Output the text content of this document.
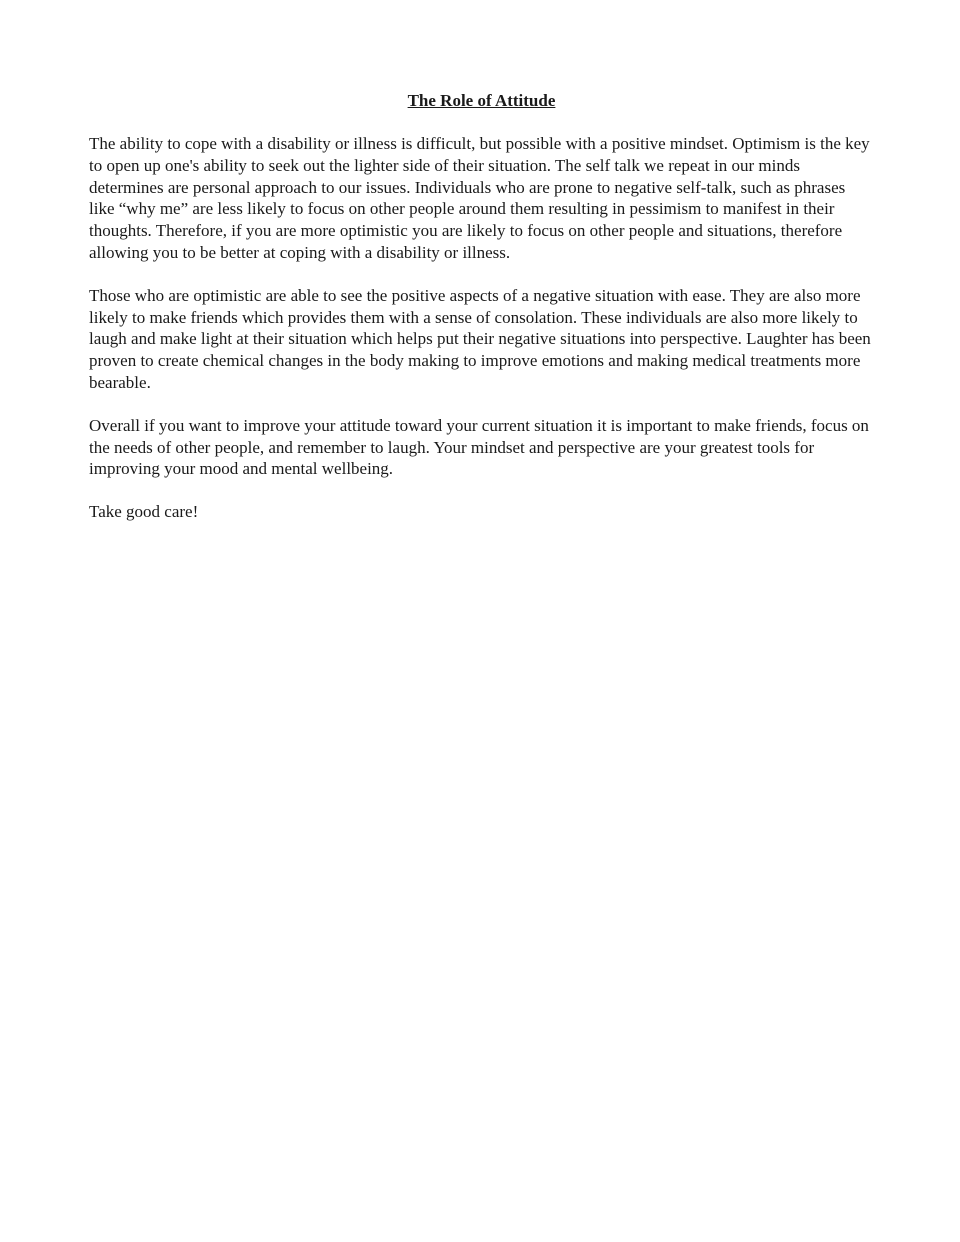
The Role of Attitude

The ability to cope with a disability or illness is difficult, but possible with a positive mindset. Optimism is the key to open up one's ability to seek out the lighter side of their situation. The self talk we repeat in our minds determines are personal approach to our issues. Individuals who are prone to negative self-talk, such as phrases like “why me” are less likely to focus on other people around them resulting in pessimism to manifest in their thoughts. Therefore, if you are more optimistic you are likely to focus on other people and situations, therefore allowing you to be better at coping with a disability or illness.

Those who are optimistic are able to see the positive aspects of a negative situation with ease. They are also more likely to make friends which provides them with a sense of consolation. These individuals are also more likely to laugh and make light at their situation which helps put their negative situations into perspective. Laughter has been proven to create chemical changes in the body making to improve emotions and making medical treatments more bearable.

Overall if you want to improve your attitude toward your current situation it is important to make friends, focus on the needs of other people, and remember to laugh. Your mindset and perspective are your greatest tools for improving your mood and mental wellbeing.

Take good care!
